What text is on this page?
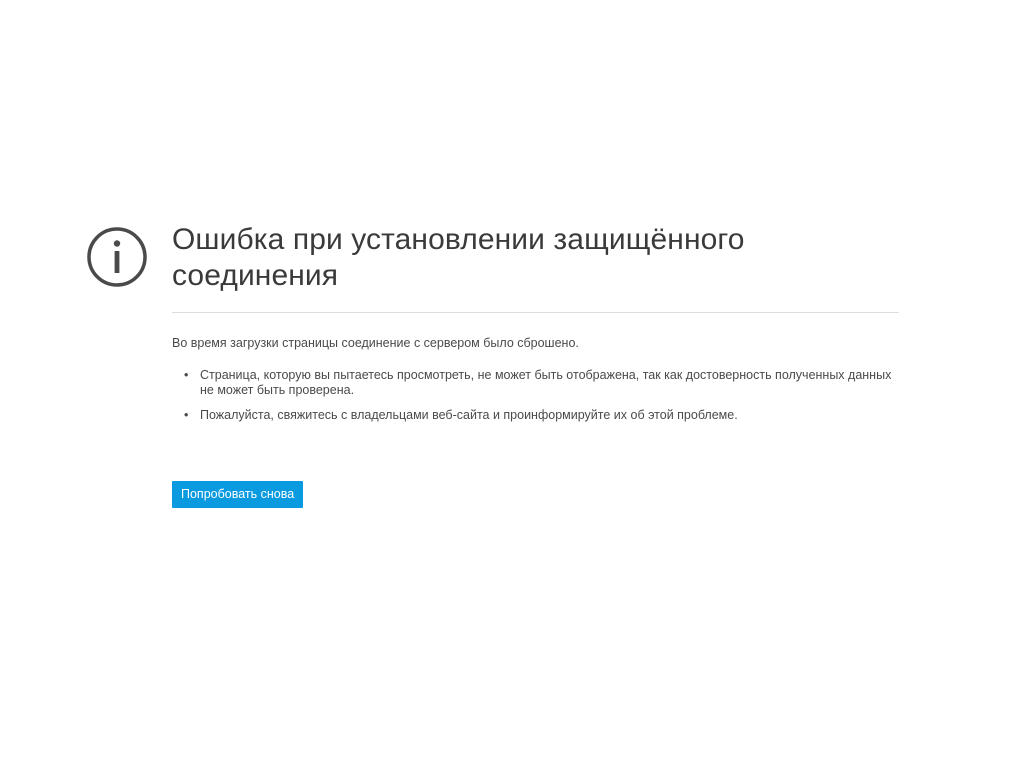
Ошибка при установлении защищённого соединения

Во время загрузки страницы соединение с сервером было сброшено.

• Страница, которую вы пытаетесь просмотреть, не может быть отображена, так как достоверность полученных данных не может быть проверена.
• Пожалуйста, свяжитесь с владельцами веб-сайта и проинформируйте их об этой проблеме.
Попробовать снова
